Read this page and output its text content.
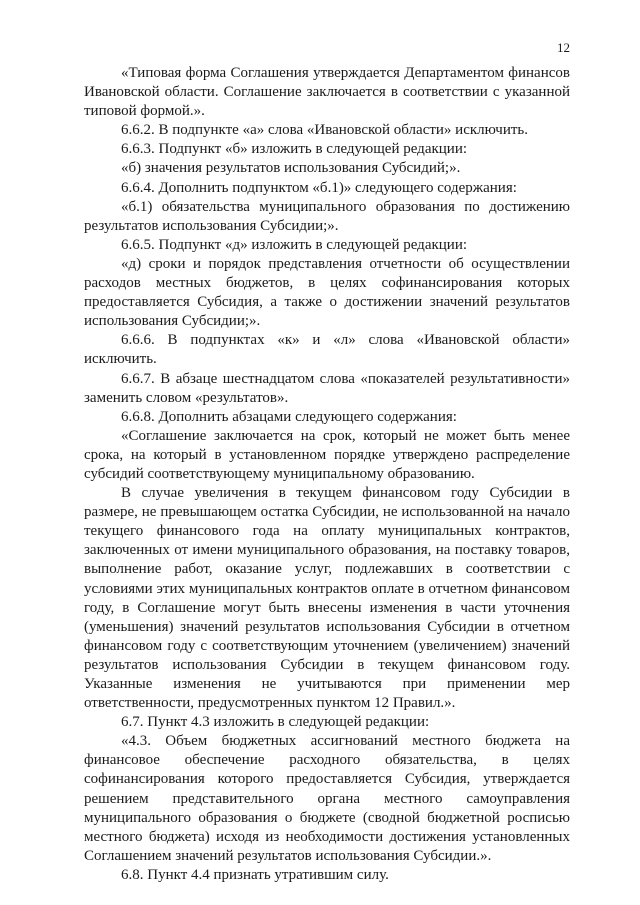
12

«Типовая форма Соглашения утверждается Департаментом финансов Ивановской области. Соглашение заключается в соответствии с указанной типовой формой.».

6.6.2. В подпункте «а» слова «Ивановской области» исключить.

6.6.3. Подпункт «б» изложить в следующей редакции:

«б) значения результатов использования Субсидий;».

6.6.4. Дополнить подпунктом «б.1)» следующего содержания:

«б.1) обязательства муниципального образования по достижению результатов использования Субсидии;».

6.6.5. Подпункт «д» изложить в следующей редакции:

«д) сроки и порядок представления отчетности об осуществлении расходов местных бюджетов, в целях софинансирования которых предоставляется Субсидия, а также о достижении значений результатов использования Субсидии;».

6.6.6. В подпунктах «к» и «л» слова «Ивановской области» исключить.

6.6.7. В абзаце шестнадцатом слова «показателей результативности» заменить словом «результатов».

6.6.8. Дополнить абзацами следующего содержания:

«Соглашение заключается на срок, который не может быть менее срока, на который в установленном порядке утверждено распределение субсидий соответствующему муниципальному образованию.

В случае увеличения в текущем финансовом году Субсидии в размере, не превышающем остатка Субсидии, не использованной на начало текущего финансового года на оплату муниципальных контрактов, заключенных от имени муниципального образования, на поставку товаров, выполнение работ, оказание услуг, подлежавших в соответствии с условиями этих муниципальных контрактов оплате в отчетном финансовом году, в Соглашение могут быть внесены изменения в части уточнения (уменьшения) значений результатов использования Субсидии в отчетном финансовом году с соответствующим уточнением (увеличением) значений результатов использования Субсидии в текущем финансовом году. Указанные изменения не учитываются при применении мер ответственности, предусмотренных пунктом 12 Правил.».

6.7. Пункт 4.3 изложить в следующей редакции:

«4.3. Объем бюджетных ассигнований местного бюджета на финансовое обеспечение расходного обязательства, в целях софинансирования которого предоставляется Субсидия, утверждается решением представительного органа местного самоуправления муниципального образования о бюджете (сводной бюджетной росписью местного бюджета) исходя из необходимости достижения установленных Соглашением значений результатов использования Субсидии.».

6.8. Пункт 4.4 признать утратившим силу.
